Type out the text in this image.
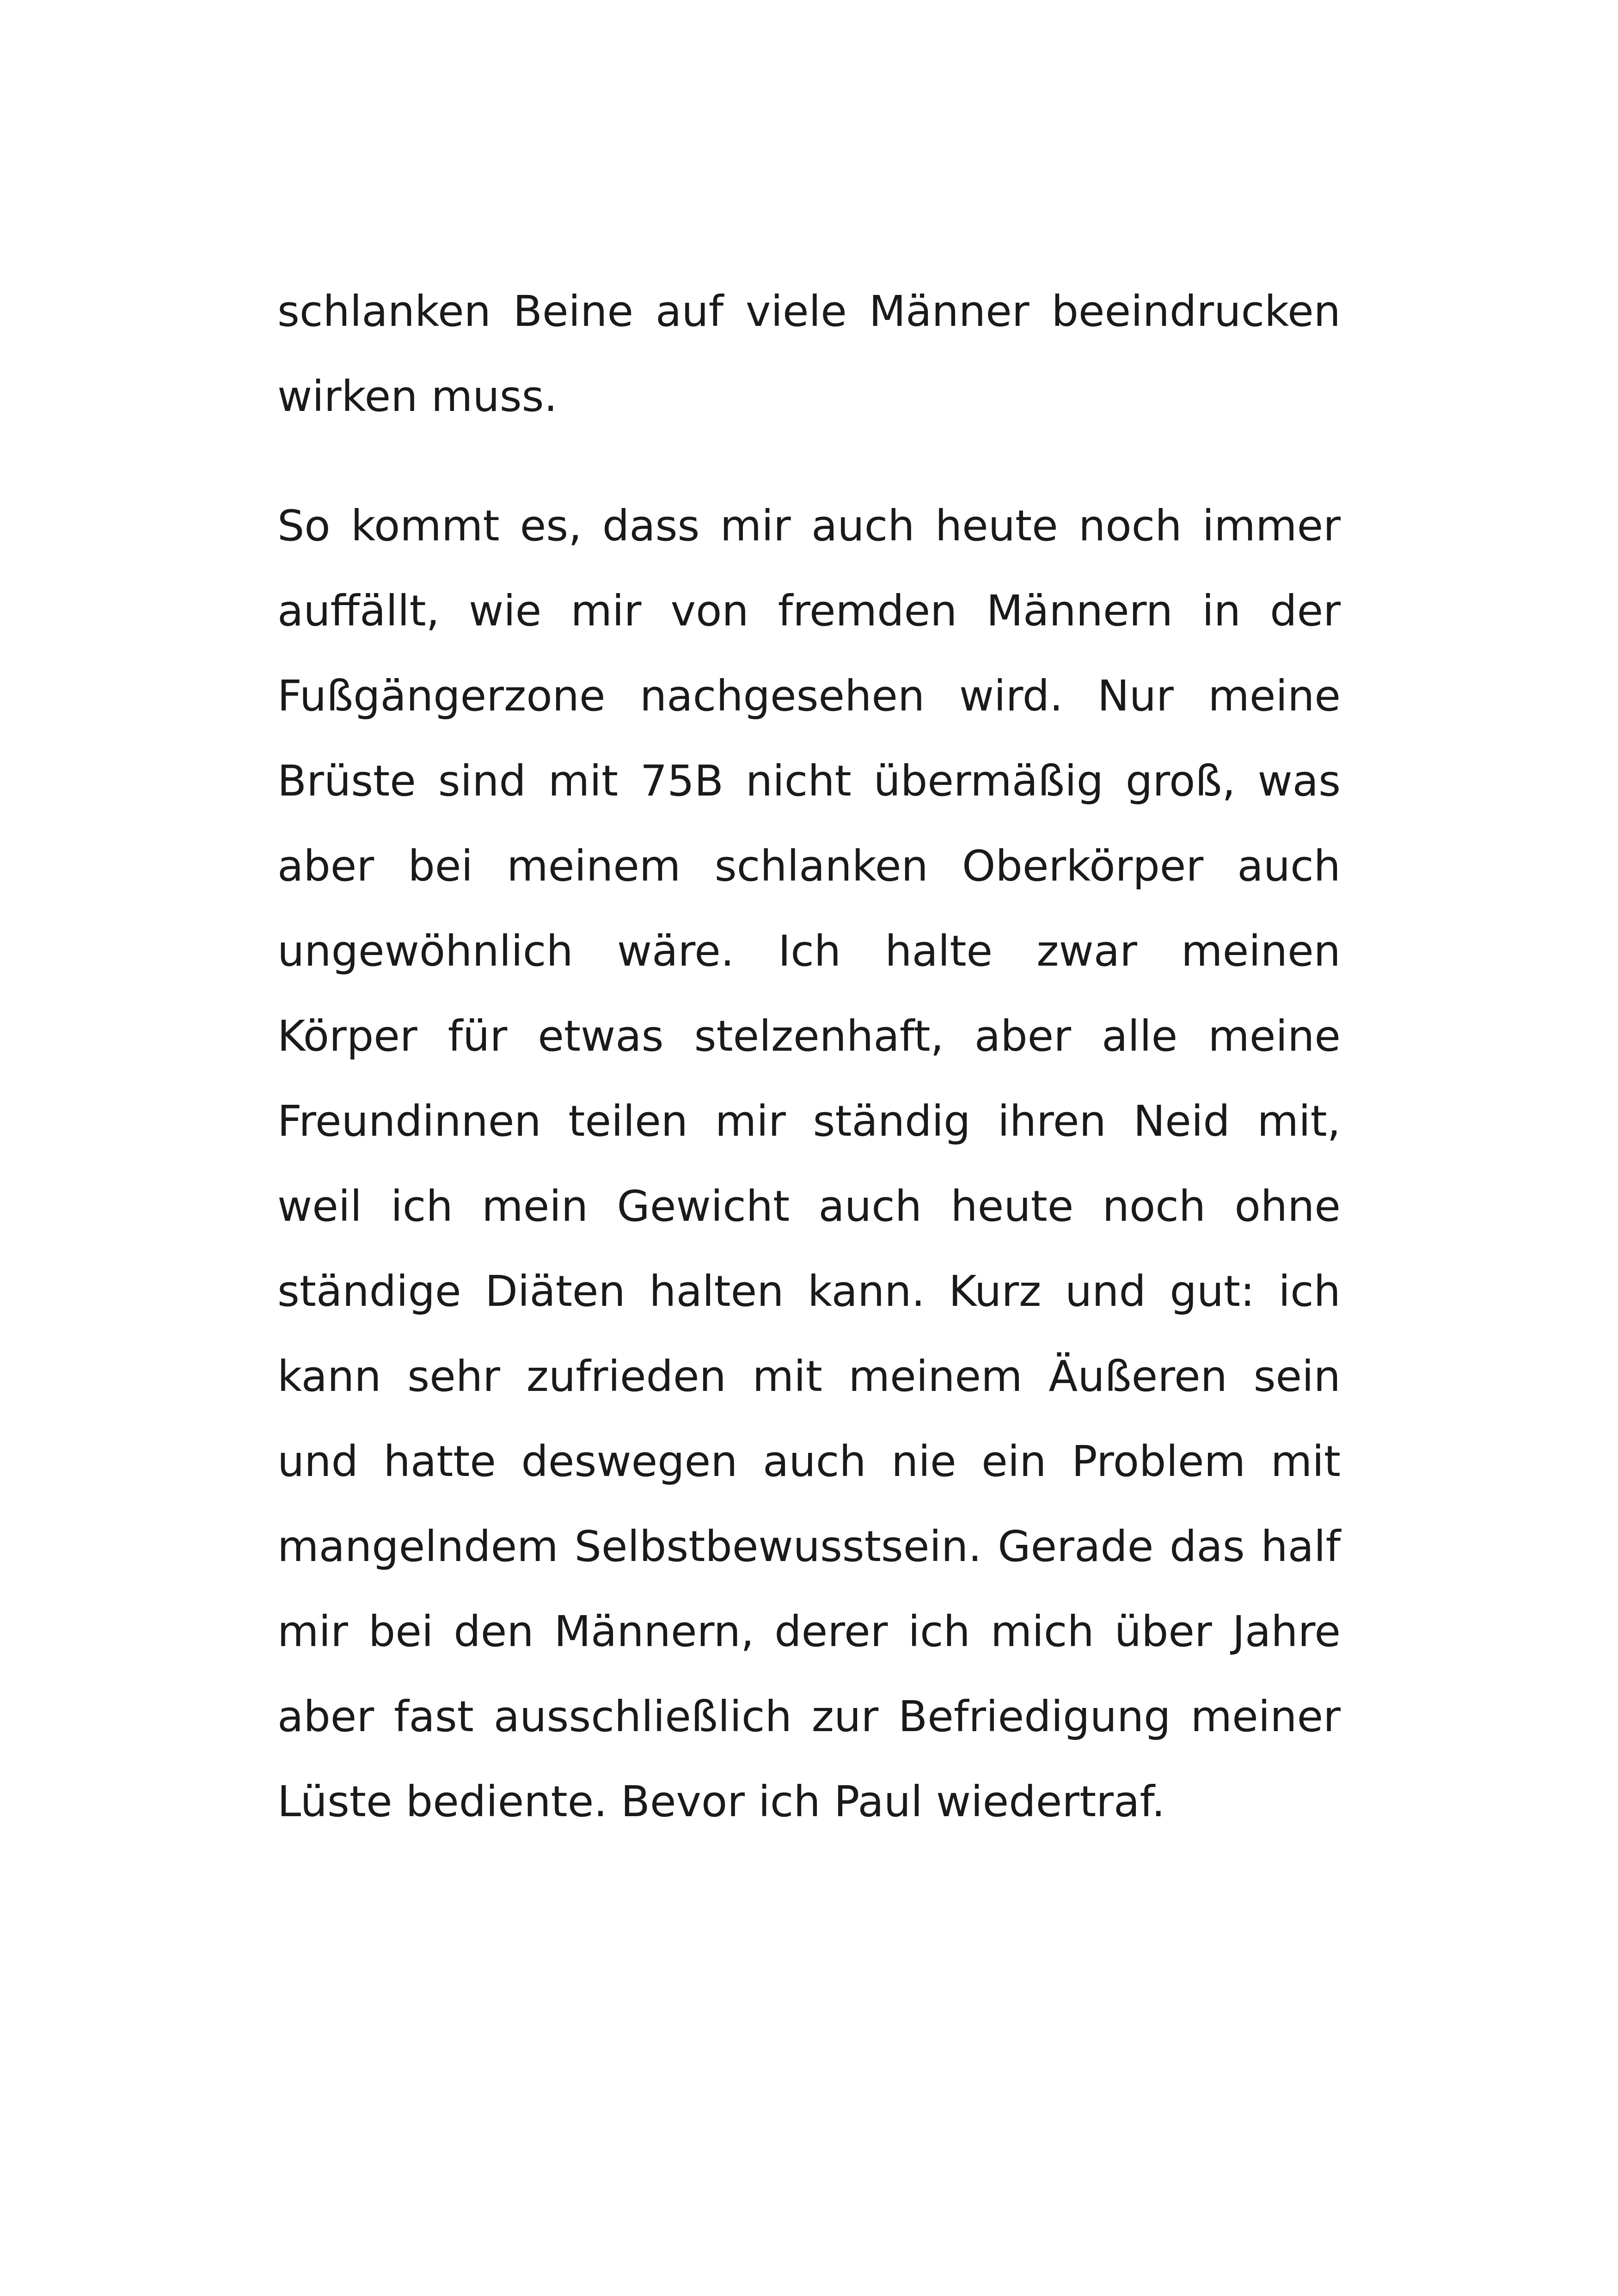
schlanken Beine auf viele Männer beeindrucken wirken muss.

So kommt es, dass mir auch heute noch immer auffällt, wie mir von fremden Männern in der Fußgängerzone nachgesehen wird. Nur meine Brüste sind mit 75B nicht übermäßig groß, was aber bei meinem schlanken Oberkörper auch ungewöhnlich wäre. Ich halte zwar meinen Körper für etwas stelzenhaft, aber alle meine Freundinnen teilen mir ständig ihren Neid mit, weil ich mein Gewicht auch heute noch ohne ständige Diäten halten kann. Kurz und gut: ich kann sehr zufrieden mit meinem Äußeren sein und hatte deswegen auch nie ein Problem mit mangelndem Selbstbewusstsein. Gerade das half mir bei den Männern, derer ich mich über Jahre aber fast ausschließlich zur Befriedigung meiner Lüste bediente. Bevor ich Paul wiedertraf.
